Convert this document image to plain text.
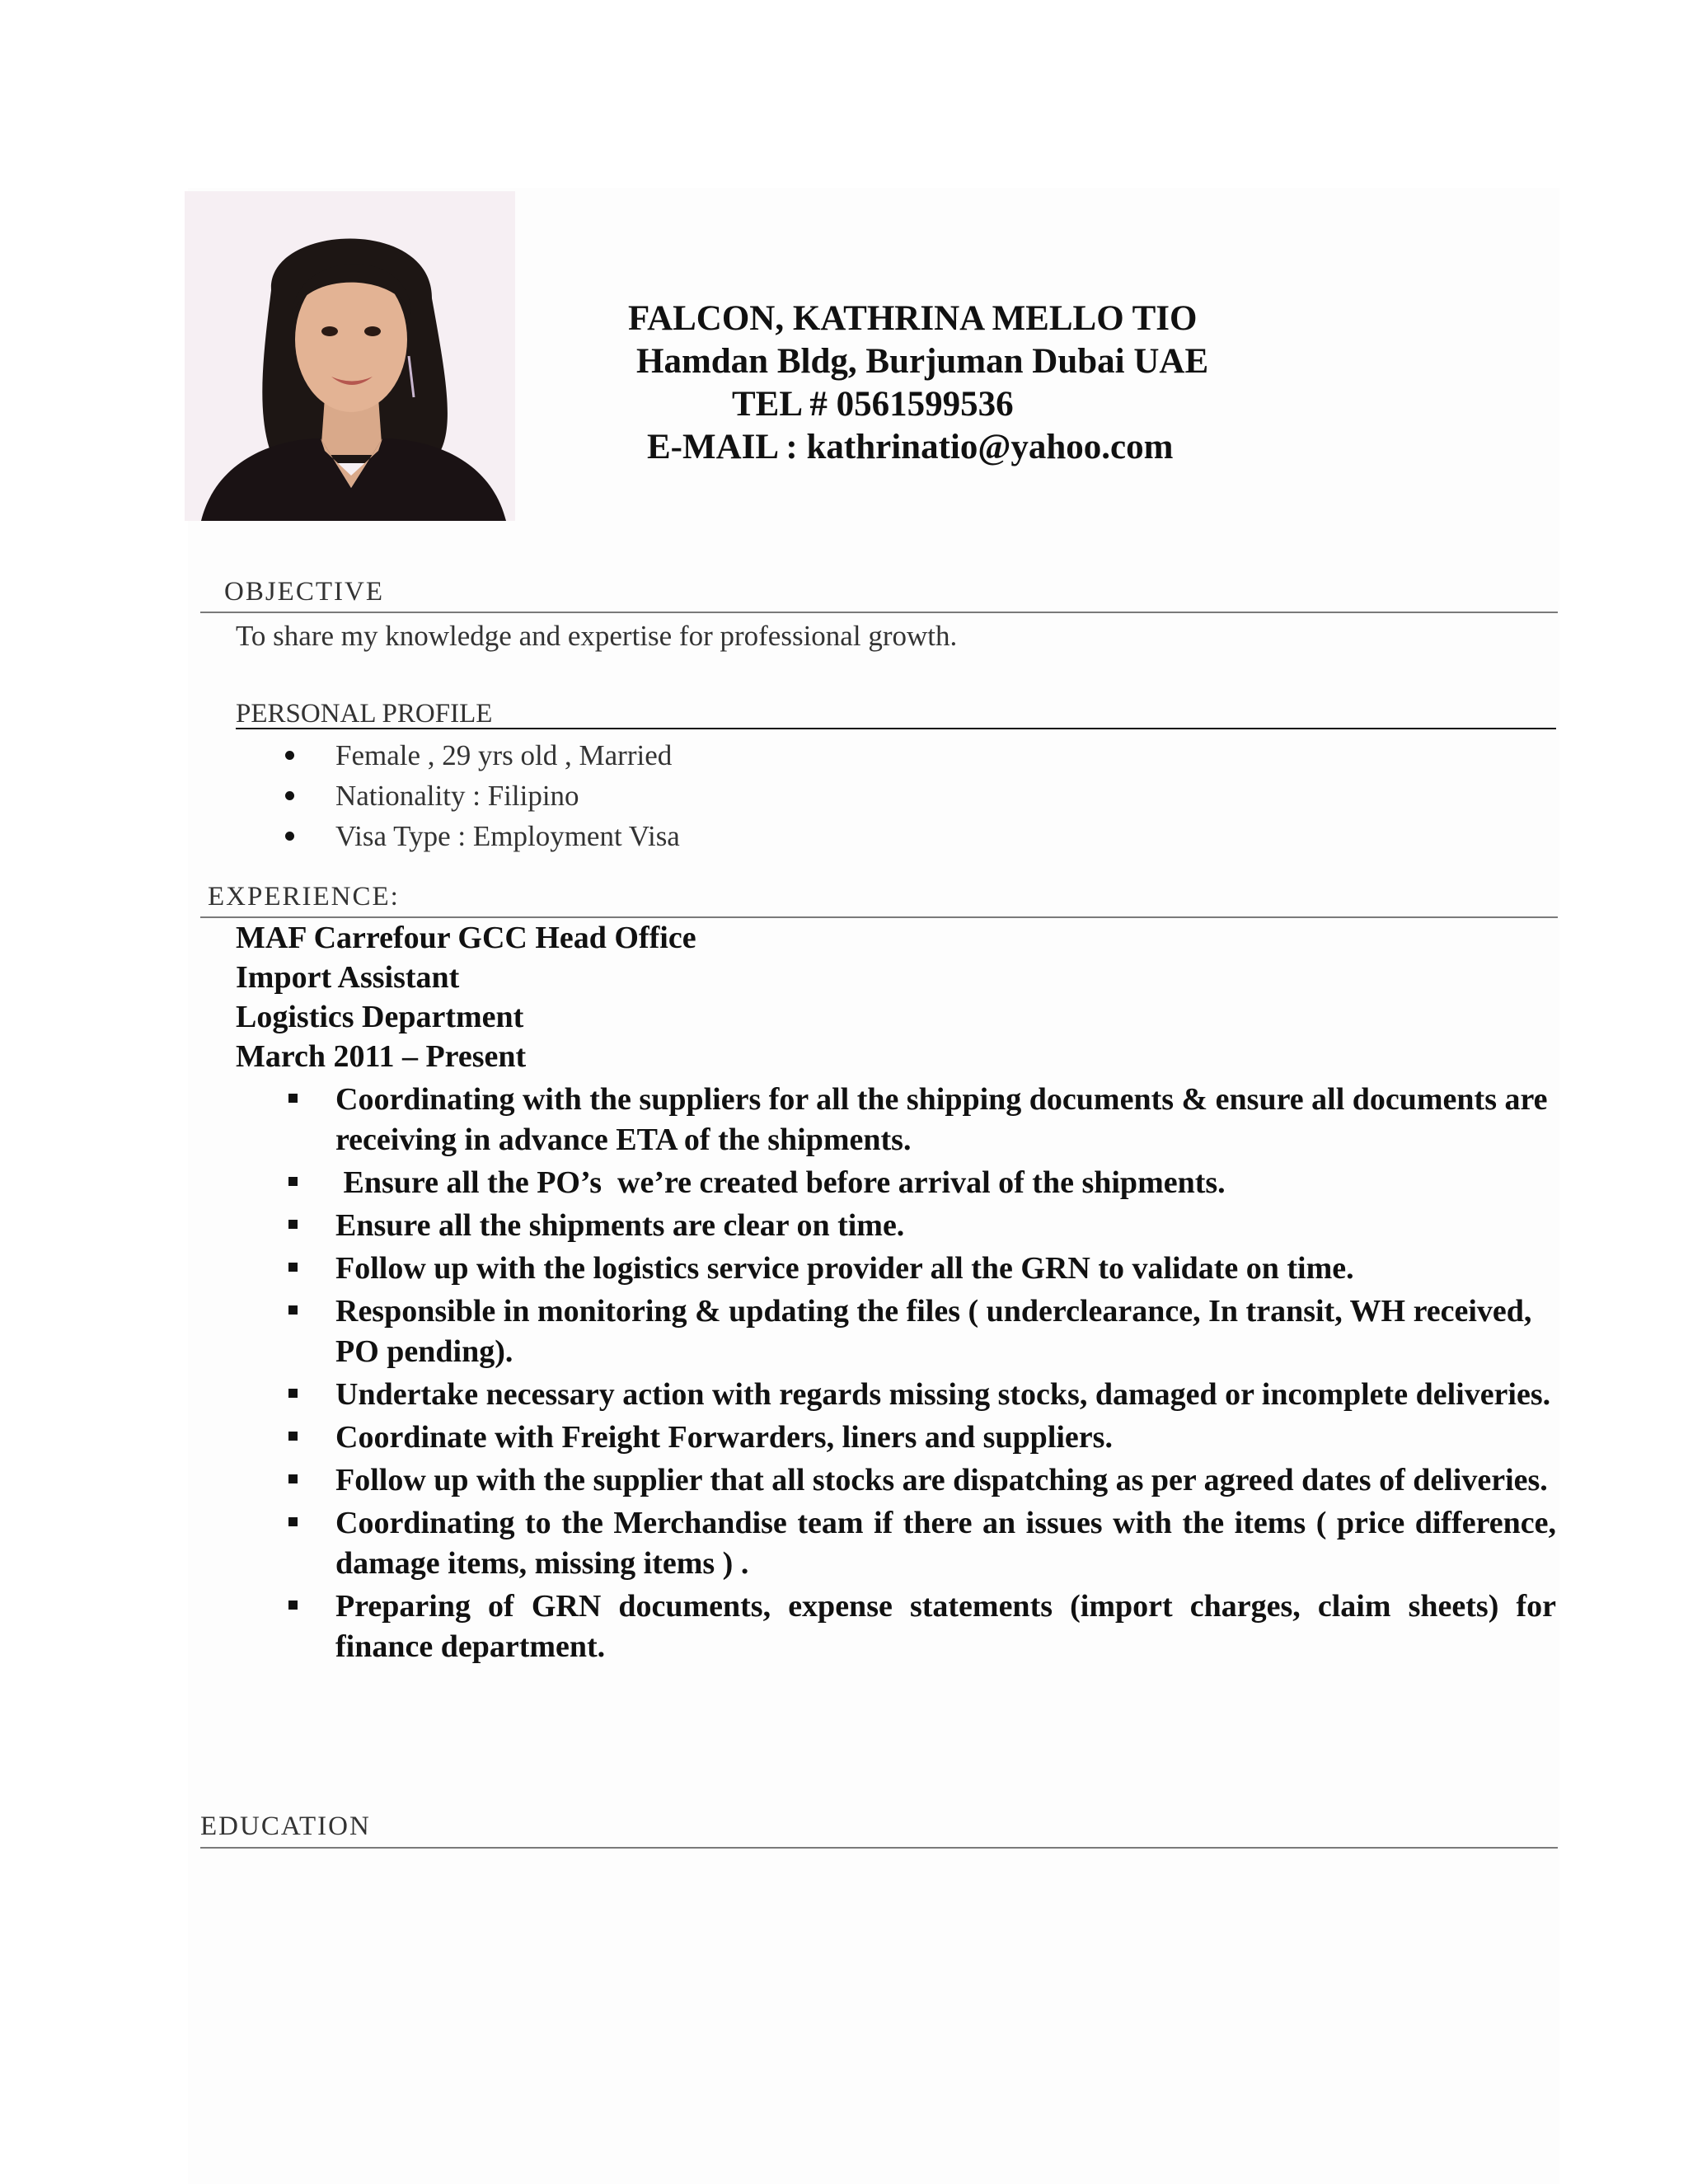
FALCON, KATHRINA MELLO TIO
Hamdan Bldg, Burjuman Dubai UAE
TEL # 0561599536
E-MAIL : kathrinatio@yahoo.com
OBJECTIVE
To share my knowledge and expertise for professional growth.
PERSONAL PROFILE
Female , 29 yrs old , Married
Nationality : Filipino
Visa Type : Employment Visa
EXPERIENCE:
MAF Carrefour GCC Head Office
Import Assistant
Logistics Department
March 2011 – Present
Coordinating with the suppliers for all the shipping documents & ensure all documents are receiving in advance ETA of the shipments.
Ensure all the PO’s  we’re created before arrival of the shipments.
Ensure all the shipments are clear on time.
Follow up with the logistics service provider all the GRN to validate on time.
Responsible in monitoring & updating the files ( underclearance, In transit, WH received, PO pending).
Undertake necessary action with regards missing stocks, damaged or incomplete deliveries.
Coordinate with Freight Forwarders, liners and suppliers.
Follow up with the supplier that all stocks are dispatching as per agreed dates of deliveries.
Coordinating to the Merchandise team if there an issues with the items ( price difference, damage items, missing items ) .
Preparing of GRN documents, expense statements (import charges, claim sheets) for finance department.
EDUCATION
